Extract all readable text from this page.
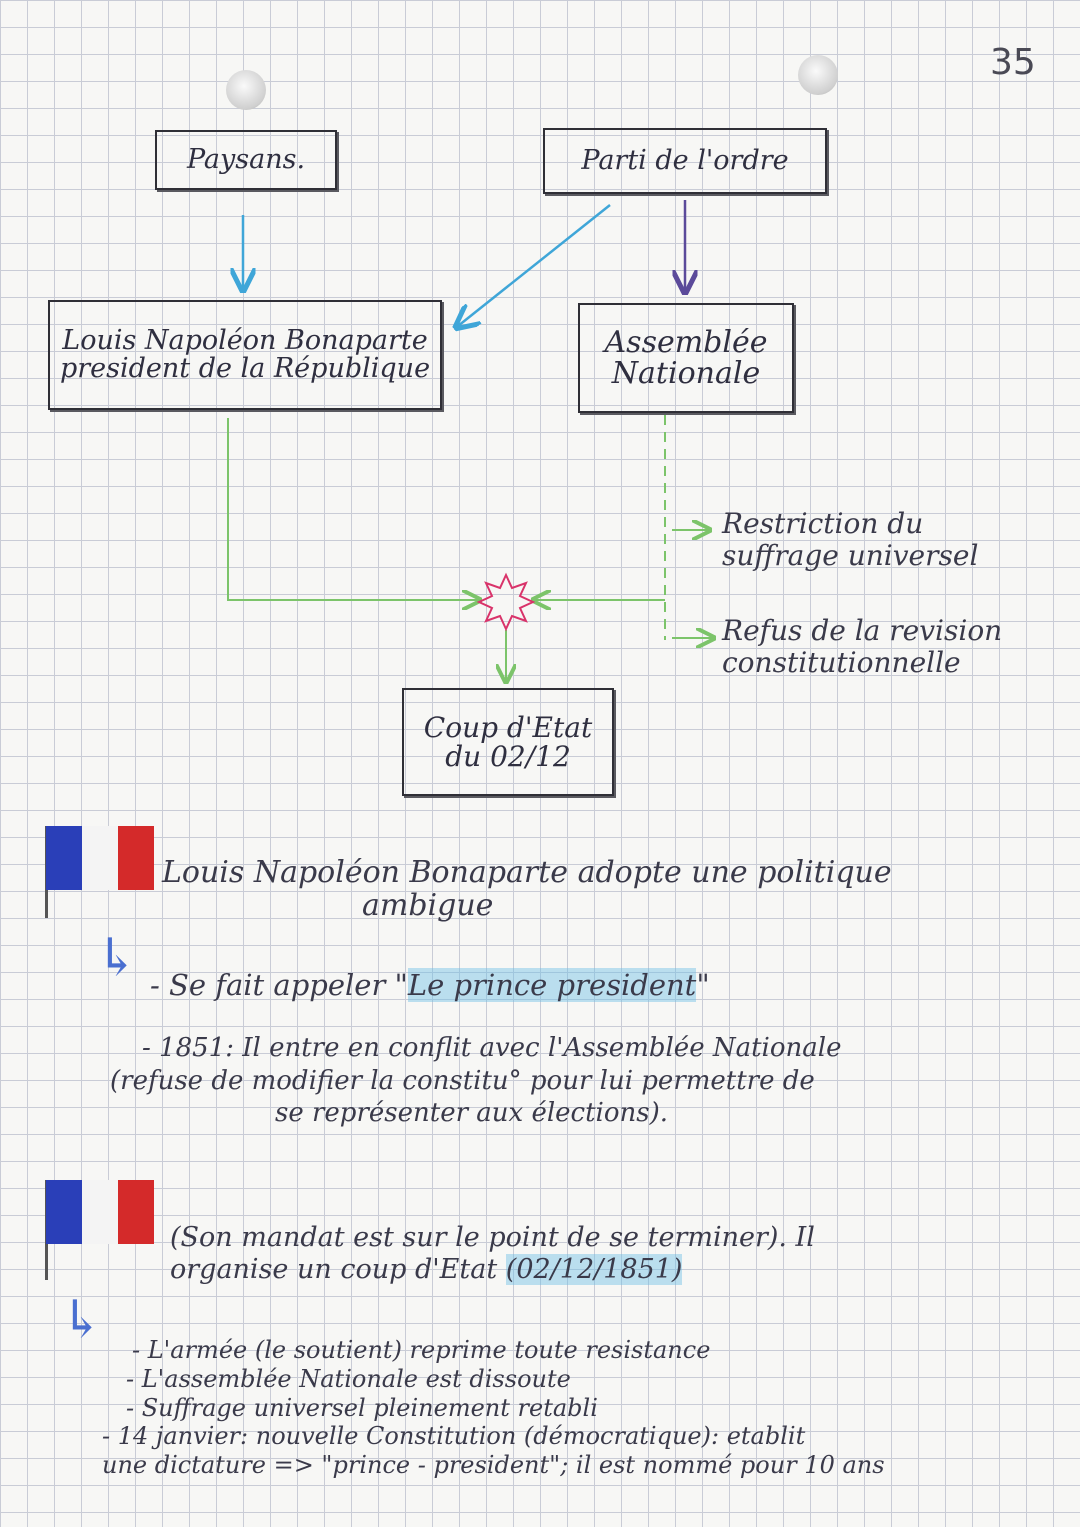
35
Paysans.	Parti de l'ordre
Louis Napoléon Bonaparte
president de la République
Assemblée
Nationale
Restriction du
suffrage universel
Refus de la revision
constitutionnelle
Coup d'Etat
du 02/12
Louis Napoléon Bonaparte adopte une politique
ambigue
↳ - Se fait appeler "Le prince president"
- 1851: Il entre en conflit avec l'Assemblée Nationale
(refuse de modifier la constitu° pour lui permettre de
se représenter aux élections).
(Son mandat est sur le point de se terminer). Il
organise un coup d'Etat (02/12/1851)
↳	- L'armée (le soutient) reprime toute resistance
- L'assemblée Nationale est dissoute
- Suffrage universel pleinement retabli
- 14 janvier: nouvelle Constitution (démocratique): etablit
une dictature => "prince - president"; il est nommé pour 10 ans
